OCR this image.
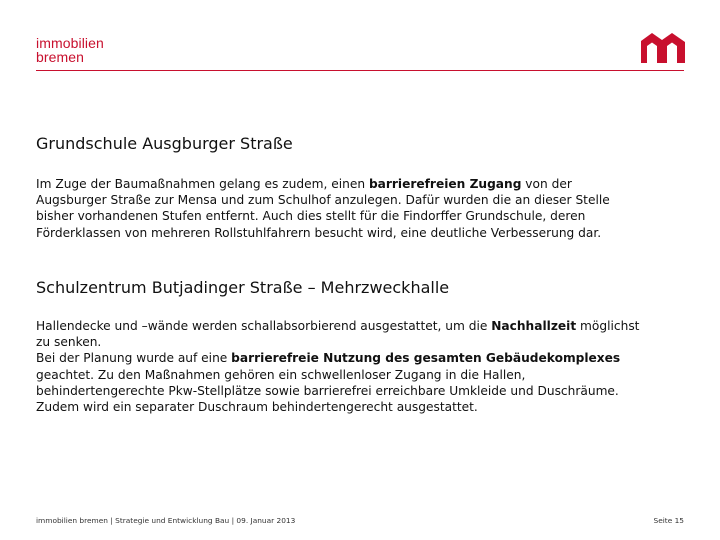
immobilien
bremen
Grundschule Ausgburger Straße

Im Zuge der Baumaßnahmen gelang es zudem, einen barrierefreien Zugang von der Augsburger Straße zur Mensa und zum Schulhof anzulegen. Dafür wurden die an dieser Stelle bisher vorhandenen Stufen entfernt. Auch dies stellt für die Findorffer Grundschule, deren Förderklassen von mehreren Rollstuhlfahrern besucht wird, eine deutliche Verbesserung dar.

Schulzentrum Butjadinger Straße – Mehrzweckhalle

Hallendecke und –wände werden schallabsorbierend ausgestattet, um die Nachhallzeit möglichst zu senken.

Bei der Planung wurde auf eine barrierefreie Nutzung des gesamten Gebäudekomplexes geachtet. Zu den Maßnahmen gehören ein schwellenloser Zugang in die Hallen, behindertengerechte Pkw-Stellplätze sowie barrierefrei erreichbare Umkleide und Duschräume. Zudem wird ein separater Duschraum behindertengerecht ausgestattet.

immobilien bremen | Strategie und Entwicklung Bau | 09. Januar 2013	Seite 15
